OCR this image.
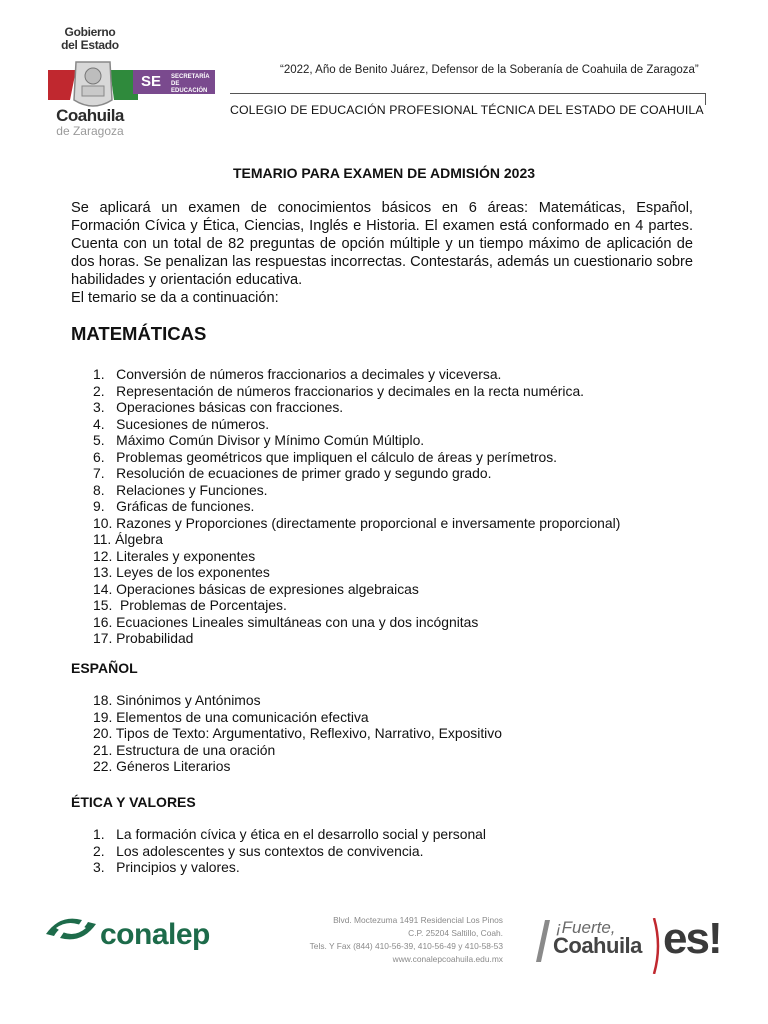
Gobierno
del Estado
Coahuila
de Zaragoza
SE SECRETARÍA
DE EDUCACIÓN
“2022, Año de Benito Juárez, Defensor de la Soberanía de Coahuila de Zaragoza”
COLEGIO DE EDUCACIÓN PROFESIONAL TÉCNICA DEL ESTADO DE COAHUILA
TEMARIO PARA EXAMEN DE ADMISIÓN 2023

Se aplicará un examen de conocimientos básicos en 6 áreas: Matemáticas, Español, Formación Cívica y Ética, Ciencias, Inglés e Historia. El examen está conformado en 4 partes. Cuenta con un total de 82 preguntas de opción múltiple y un tiempo máximo de aplicación de dos horas. Se penalizan las respuestas incorrectas. Contestarás, además un cuestionario sobre habilidades y orientación educativa.

El temario se da a continuación:

MATEMÁTICAS
1.   Conversión de números fraccionarios a decimales y viceversa.
2.   Representación de números fraccionarios y decimales en la recta numérica.
3.   Operaciones básicas con fracciones.
4.   Sucesiones de números.
5.   Máximo Común Divisor y Mínimo Común Múltiplo.
6.   Problemas geométricos que impliquen el cálculo de áreas y perímetros.
7.   Resolución de ecuaciones de primer grado y segundo grado.
8.   Relaciones y Funciones.
9.   Gráficas de funciones.
10. Razones y Proporciones (directamente proporcional e inversamente proporcional)
11. Álgebra
12. Literales y exponentes
13. Leyes de los exponentes
14. Operaciones básicas de expresiones algebraicas
15.  Problemas de Porcentajes.
16. Ecuaciones Lineales simultáneas con una y dos incógnitas
17. Probabilidad
ESPAÑOL
18. Sinónimos y Antónimos
19. Elementos de una comunicación efectiva
20. Tipos de Texto: Argumentativo, Reflexivo, Narrativo, Expositivo
21. Estructura de una oración
22. Géneros Literarios
ÉTICA Y VALORES
1.   La formación cívica y ética en el desarrollo social y personal
2.   Los adolescentes y sus contextos de convivencia.
3.   Principios y valores.
conalep	Blvd. Moctezuma 1491 Residencial Los Pinos
C.P. 25204 Saltillo, Coah.
Tels. Y Fax (844) 410-56-39, 410-56-49 y 410-58-53
www.conalepcoahuila.edu.mx
¡Fuerte,
Coahuila es!
